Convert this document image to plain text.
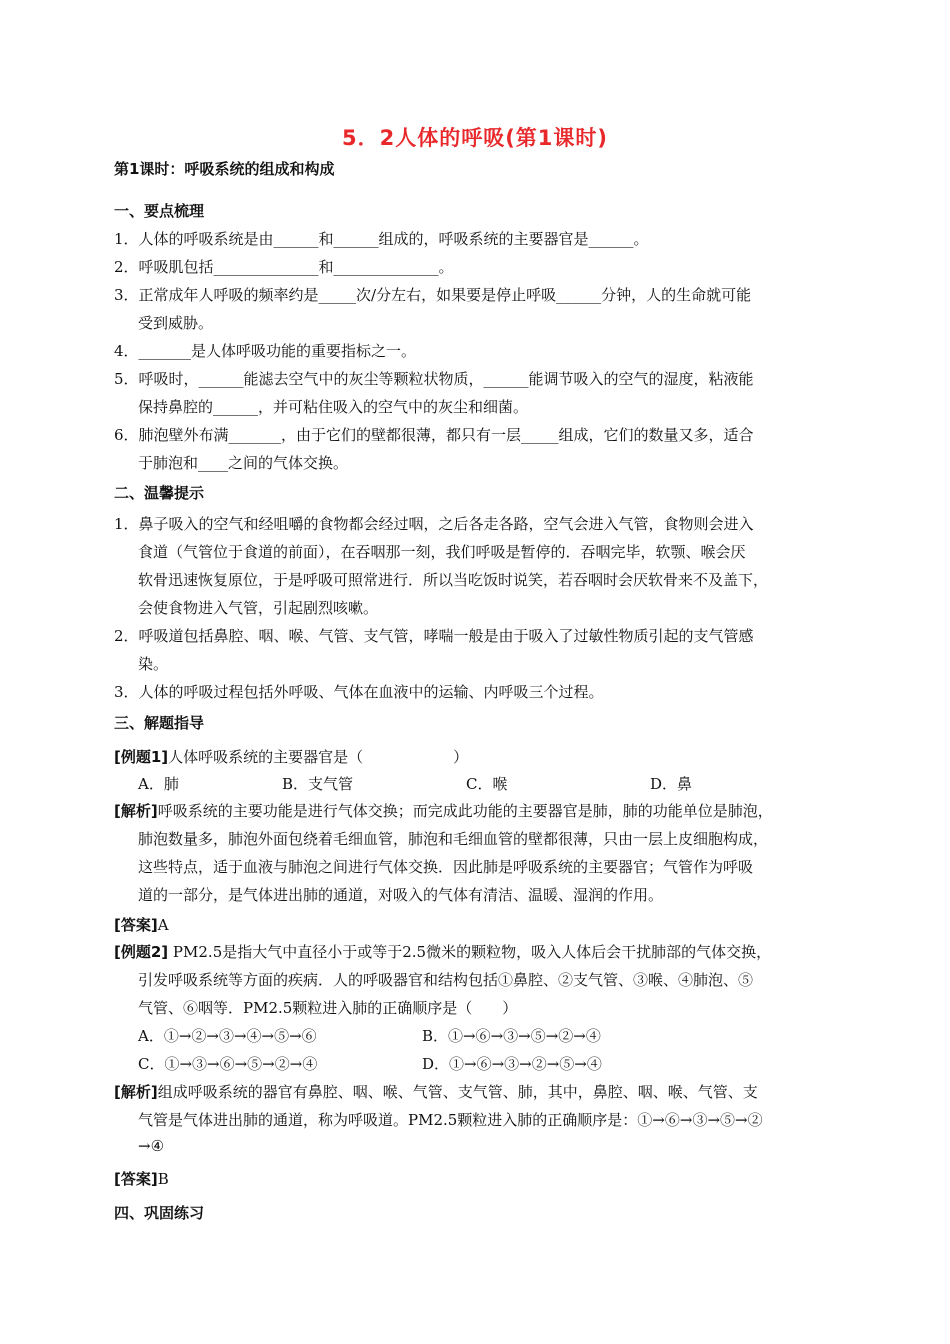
5．2人体的呼吸(第1课时)
第1课时：呼吸系统的组成和构成
一、要点梳理
1．人体的呼吸系统是由______和______组成的，呼吸系统的主要器官是______。
2．呼吸肌包括______________和______________。
3．正常成年人呼吸的频率约是_____次/分左右，如果要是停止呼吸______分钟，人的生命就可能
受到威胁。
4．_______是人体呼吸功能的重要指标之一。
5．呼吸时，______能滤去空气中的灰尘等颗粒状物质，______能调节吸入的空气的湿度，粘液能
保持鼻腔的______，并可粘住吸入的空气中的灰尘和细菌。
6．肺泡壁外布满_______，由于它们的壁都很薄，都只有一层_____组成，它们的数量又多，适合
于肺泡和____之间的气体交换。
二、温馨提示
1．鼻子吸入的空气和经咀嚼的食物都会经过咽，之后各走各路，空气会进入气管，食物则会进入
食道（气管位于食道的前面），在吞咽那一刻，我们呼吸是暂停的．吞咽完毕，软颚、喉会厌
软骨迅速恢复原位，于是呼吸可照常进行．所以当吃饭时说笑，若吞咽时会厌软骨来不及盖下，
会使食物进入气管，引起剧烈咳嗽。
2．呼吸道包括鼻腔、咽、喉、气管、支气管，哮喘一般是由于吸入了过敏性物质引起的支气管感
染。
3．人体的呼吸过程包括外呼吸、气体在血液中的运输、内呼吸三个过程。
三、解题指导
[例题1]人体呼吸系统的主要器官是（　　　　　　）
A．肺	B．支气管	C．喉	D．鼻
[解析]呼吸系统的主要功能是进行气体交换；而完成此功能的主要器官是肺，肺的功能单位是肺泡，
肺泡数量多，肺泡外面包绕着毛细血管，肺泡和毛细血管的壁都很薄，只由一层上皮细胞构成，
这些特点，适于血液与肺泡之间进行气体交换．因此肺是呼吸系统的主要器官；气管作为呼吸
道的一部分，是气体进出肺的通道，对吸入的气体有清洁、温暖、湿润的作用。
[答案]A
[例题2] PM2.5是指大气中直径小于或等于2.5微米的颗粒物，吸入人体后会干扰肺部的气体交换，
引发呼吸系统等方面的疾病．人的呼吸器官和结构包括①鼻腔、②支气管、③喉、④肺泡、⑤
气管、⑥咽等．PM2.5颗粒进入肺的正确顺序是（　　）
A．①→②→③→④→⑤→⑥	B．①→⑥→③→⑤→②→④
C．①→③→⑥→⑤→②→④	D．①→⑥→③→②→⑤→④
[解析]组成呼吸系统的器官有鼻腔、咽、喉、气管、支气管、肺，其中，鼻腔、咽、喉、气管、支
气管是气体进出肺的通道，称为呼吸道。PM2.5颗粒进入肺的正确顺序是：①→⑥→③→⑤→②
→④
[答案]B
四、巩固练习
